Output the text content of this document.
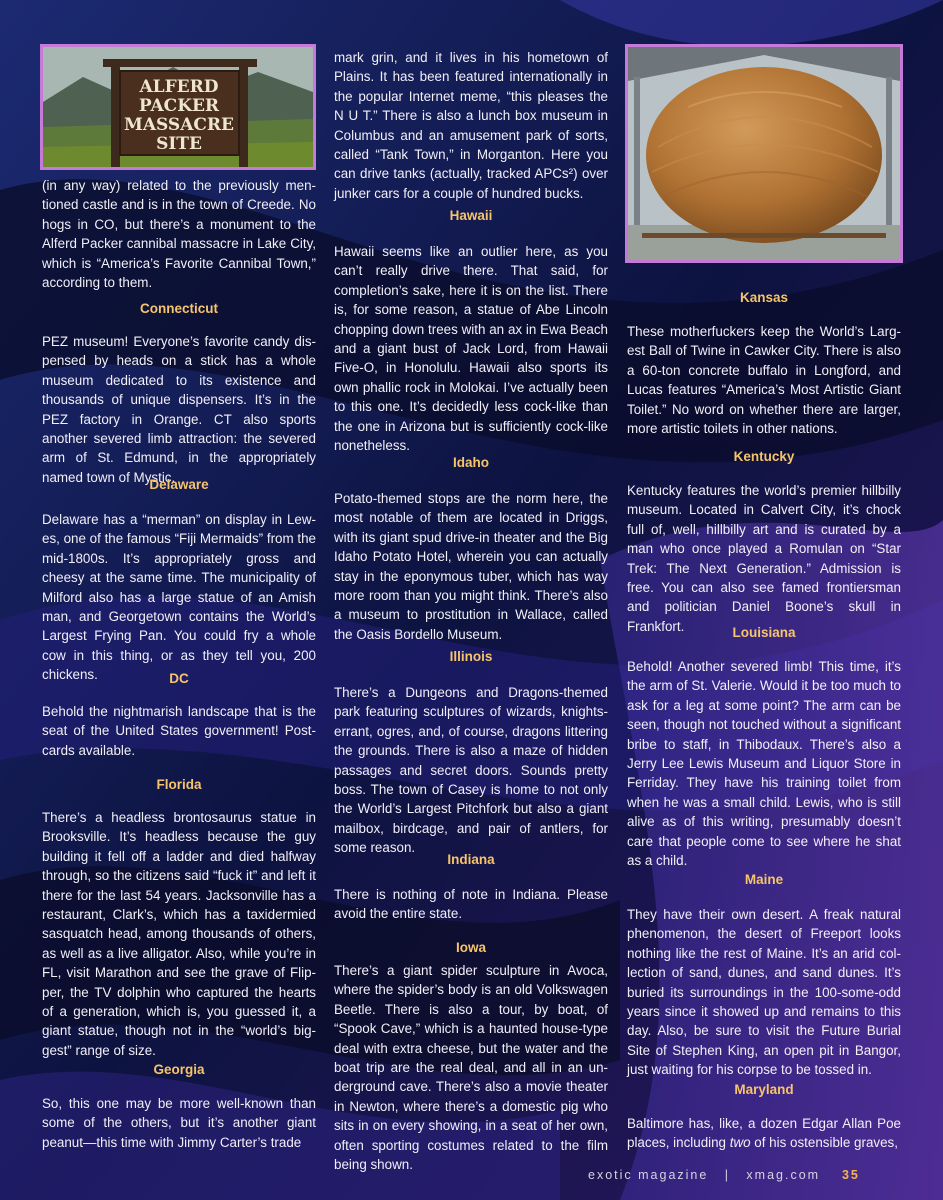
ALFERD
PACKER
MASSACRE
SITE

(in any way) related to the previously mentioned castle and is in the town of Creede. No hogs in CO, but there’s a monument to the Alferd Packer cannibal massacre in Lake City, which is “America’s Favorite Cannibal Town,” according to them.

Connecticut

PEZ museum! Everyone’s favorite candy dispensed by heads on a stick has a whole museum dedicated to its existence and thousands of unique dispensers. It’s in the PEZ factory in Orange. CT also sports another severed limb attraction: the severed arm of St. Edmund, in the appropriately named town of Mystic.

Delaware

Delaware has a “merman” on display in Lewes, one of the famous “Fiji Mermaids” from the mid-1800s. It’s appropriately gross and cheesy at the same time. The municipality of Milford also has a large statue of an Amish man, and Georgetown contains the World’s Largest Frying Pan. You could fry a whole cow in this thing, or as they tell you, 200 chickens.	DC

Behold the nightmarish landscape that is the seat of the United States government! Postcards available.

Florida

There’s a headless brontosaurus statue in Brooksville. It’s headless because the guy building it fell off a ladder and died halfway through, so the citizens said “fuck it” and left it there for the last 54 years. Jacksonville has a restaurant, Clark’s, which has a taxidermied sasquatch head, among thousands of others, as well as a live alligator. Also, while you’re in FL, visit Marathon and see the grave of Flipper, the TV dolphin who captured the hearts of a generation, which is, you guessed it, a giant statue, though not in the “world’s biggest” range of size.

Georgia

So, this one may be more well-known than some of the others, but it’s another giant peanut—this time with Jimmy Carter’s trade

mark grin, and it lives in his hometown of Plains. It has been featured internationally in the popular Internet meme, “this pleases the N U T.” There is also a lunch box museum in Columbus and an amusement park of sorts, called “Tank Town,” in Morganton. Here you can drive tanks (actually, tracked APCs²) over junker cars for a couple of hundred bucks.

Hawaii

Hawaii seems like an outlier here, as you can’t really drive there. That said, for completion’s sake, here it is on the list. There is, for some reason, a statue of Abe Lincoln chopping down trees with an ax in Ewa Beach and a giant bust of Jack Lord, from Hawaii Five-O, in Honolulu. Hawaii also sports its own phallic rock in Molokai. I’ve actually been to this one. It’s decidedly less cock-like than the one in Arizona but is sufficiently cock-like nonetheless.

Idaho

Potato-themed stops are the norm here, the most notable of them are located in Driggs, with its giant spud drive-in theater and the Big Idaho Potato Hotel, wherein you can actually stay in the eponymous tuber, which has way more room than you might think. There’s also a museum to prostitution in Wallace, called the Oasis Bordello Museum.

Illinois

There’s a Dungeons and Dragons-themed park featuring sculptures of wizards, knights-errant, ogres, and, of course, dragons littering the grounds. There is also a maze of hidden passages and secret doors. Sounds pretty boss. The town of Casey is home to not only the World’s Largest Pitchfork but also a giant mailbox, birdcage, and pair of antlers, for some reason.

Indiana

There is nothing of note in Indiana. Please avoid the entire state.

Iowa

There’s a giant spider sculpture in Avoca, where the spider’s body is an old Volkswagen Beetle. There is also a tour, by boat, of “Spook Cave,” which is a haunted house-type deal with extra cheese, but the water and the boat trip are the real deal, and all in an underground cave. There’s also a movie theater in Newton, where there’s a domestic pig who sits in on every showing, in a seat of her own, often sporting costumes related to the film being shown.

Kansas

These motherfuckers keep the World’s Largest Ball of Twine in Cawker City. There is also a 60-ton concrete buffalo in Longford, and Lucas features “America’s Most Artistic Giant Toilet.” No word on whether there are larger, more artistic toilets in other nations.

Kentucky

Kentucky features the world’s premier hillbilly museum. Located in Calvert City, it’s chock full of, well, hillbilly art and is curated by a man who once played a Romulan on “Star Trek: The Next Generation.” Admission is free. You can also see famed frontiersman and politician Daniel Boone’s skull in Frankfort.	Louisiana

Behold! Another severed limb! This time, it’s the arm of St. Valerie. Would it be too much to ask for a leg at some point? The arm can be seen, though not touched without a significant bribe to staff, in Thibodaux. There’s also a Jerry Lee Lewis Museum and Liquor Store in Ferriday. They have his training toilet from when he was a small child. Lewis, who is still alive as of this writing, presumably doesn’t care that people come to see where he shat as a child.

Maine

They have their own desert. A freak natural phenomenon, the desert of Freeport looks nothing like the rest of Maine. It’s an arid collection of sand, dunes, and sand dunes. It’s buried its surroundings in the 100-some-odd years since it showed up and remains to this day. Also, be sure to visit the Future Burial Site of Stephen King, an open pit in Bangor, just waiting for his corpse to be tossed in.

Maryland

Baltimore has, like, a dozen Edgar Allan Poe places, including two of his ostensible graves,

exotic magazine | xmag.com 35
